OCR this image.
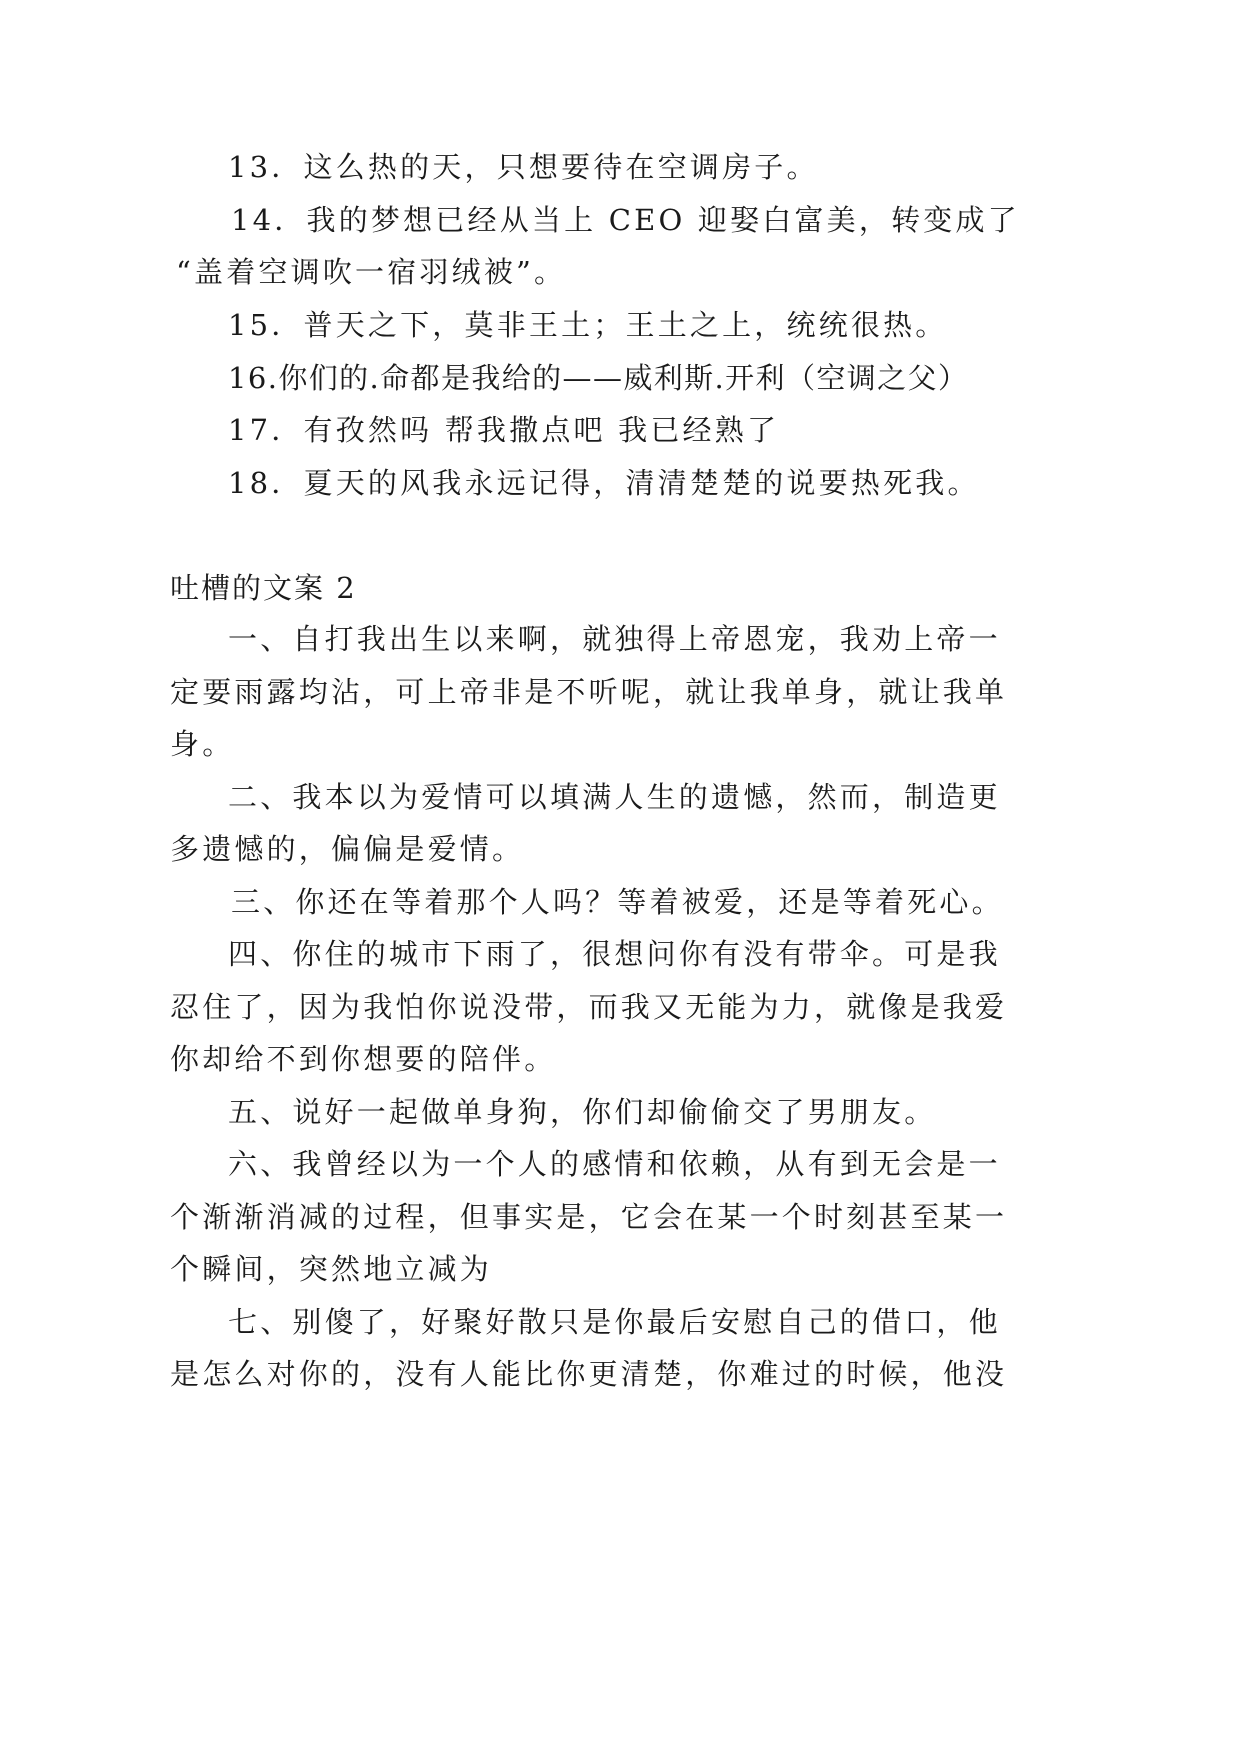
13．这么热的天，只想要待在空调房子。

14．我的梦想已经从当上 CEO 迎娶白富美，转变成了

“盖着空调吹一宿羽绒被”。

15．普天之下，莫非王土；王土之上，统统很热。

16.你们的.命都是我给的——威利斯.开利（空调之父）

17．有孜然吗 帮我撒点吧 我已经熟了

18．夏天的风我永远记得，清清楚楚的说要热死我。

吐槽的文案 2

一、自打我出生以来啊，就独得上帝恩宠，我劝上帝一

定要雨露均沾，可上帝非是不听呢，就让我单身，就让我单

身。

二、我本以为爱情可以填满人生的遗憾，然而，制造更

多遗憾的，偏偏是爱情。

三、你还在等着那个人吗？等着被爱，还是等着死心。

四、你住的城市下雨了，很想问你有没有带伞。可是我

忍住了，因为我怕你说没带，而我又无能为力，就像是我爱

你却给不到你想要的陪伴。

五、说好一起做单身狗，你们却偷偷交了男朋友。

六、我曾经以为一个人的感情和依赖，从有到无会是一

个渐渐消减的过程，但事实是，它会在某一个时刻甚至某一

个瞬间，突然地立减为

七、别傻了，好聚好散只是你最后安慰自己的借口，他

是怎么对你的，没有人能比你更清楚，你难过的时候，他没
